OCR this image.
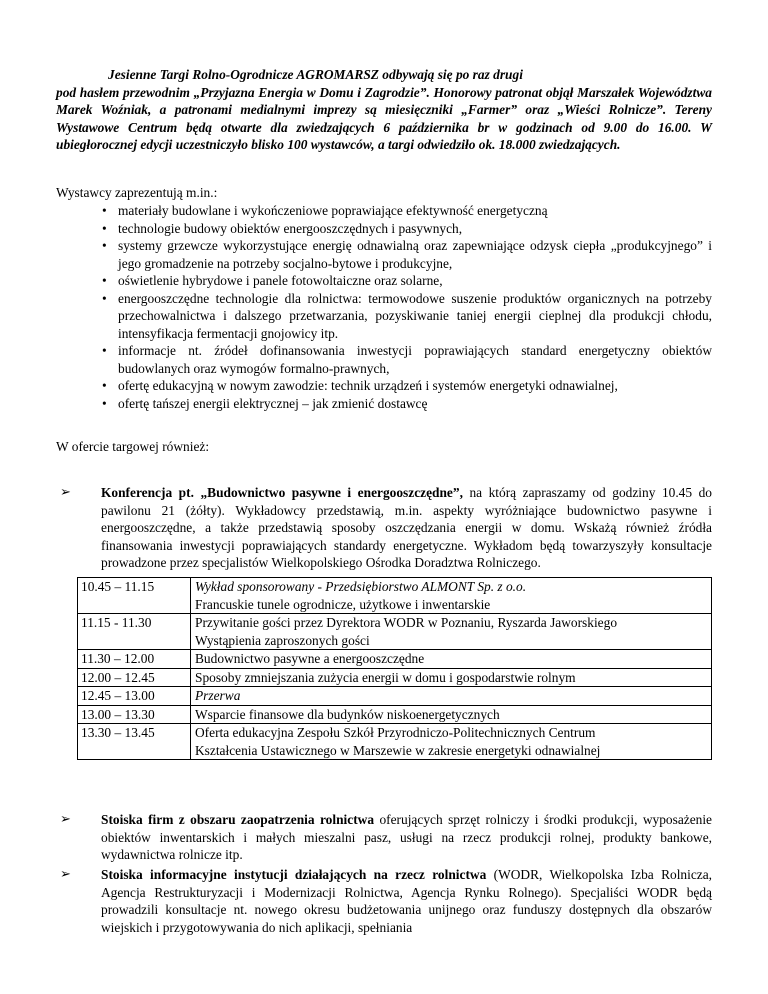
Jesienne Targi Rolno-Ogrodnicze AGROMARSZ odbywają się po raz drugi
pod hasłem przewodnim „Przyjazna Energia w Domu i Zagrodzie”. Honorowy patronat objął Marszałek Województwa Marek Woźniak, a patronami medialnymi imprezy są miesięczniki „Farmer” oraz „Wieści Rolnicze”. Tereny Wystawowe Centrum będą otwarte dla zwiedzających 6 października br w godzinach od 9.00 do 16.00. W ubiegłorocznej edycji uczestniczyło blisko 100 wystawców, a targi odwiedziło ok. 18.000 zwiedzających.
Wystawcy zaprezentują m.in.:
• materiały budowlane i wykończeniowe poprawiające efektywność energetyczną
• technologie budowy obiektów energooszczędnych i pasywnych,
• systemy grzewcze wykorzystujące energię odnawialną oraz zapewniające odzysk ciepła „produkcyjnego” i jego gromadzenie na potrzeby socjalno-bytowe i produkcyjne,
• oświetlenie hybrydowe i panele fotowoltaiczne oraz solarne,
• energooszczędne technologie dla rolnictwa: termowodowe suszenie produktów organicznych na potrzeby przechowalnictwa i dalszego przetwarzania, pozyskiwanie taniej energii cieplnej dla produkcji chłodu, intensyfikacja fermentacji gnojowicy itp.
• informacje nt. źródeł dofinansowania inwestycji poprawiających standard energetyczny obiektów budowlanych oraz wymogów formalno-prawnych,
• ofertę edukacyjną w nowym zawodzie: technik urządzeń i systemów energetyki odnawialnej,
• ofertę tańszej energii elektrycznej – jak zmienić dostawcę
W ofercie targowej również:
➢ Konferencja pt. „Budownictwo pasywne i energooszczędne”, na którą zapraszamy od godziny 10.45 do pawilonu 21 (żółty). Wykładowcy przedstawią, m.in. aspekty wyróżniające budownictwo pasywne i energooszczędne, a także przedstawią sposoby oszczędzania energii w domu. Wskażą również źródła finansowania inwestycji poprawiających standardy energetyczne. Wykładom będą towarzyszyły konsultacje prowadzone przez specjalistów Wielkopolskiego Ośrodka Doradztwa Rolniczego.
10.45 – 11.15	Wykład sponsorowany - Przedsiębiorstwo ALMONT Sp. z o.o.
Francuskie tunele ogrodnicze, użytkowe i inwentarskie

11.15 - 11.30	Przywitanie gości przez Dyrektora WODR w Poznaniu, Ryszarda Jaworskiego
Wystąpienia zaproszonych gości

11.30 – 12.00	Budownictwo pasywne a energooszczędne

12.00 – 12.45	Sposoby zmniejszania zużycia energii w domu i gospodarstwie rolnym

12.45 – 13.00	Przerwa

13.00 – 13.30	Wsparcie finansowe dla budynków niskoenergetycznych

13.30 – 13.45	Oferta edukacyjna Zespołu Szkół Przyrodniczo-Politechnicznych Centrum
Kształcenia Ustawicznego w Marszewie w zakresie energetyki odnawialnej
➢ Stoiska firm z obszaru zaopatrzenia rolnictwa oferujących sprzęt rolniczy i środki produkcji, wyposażenie obiektów inwentarskich i małych mieszalni pasz, usługi na rzecz produkcji rolnej, produkty bankowe, wydawnictwa rolnicze itp.
➢ Stoiska informacyjne instytucji działających na rzecz rolnictwa (WODR, Wielkopolska Izba Rolnicza, Agencja Restrukturyzacji i Modernizacji Rolnictwa, Agencja Rynku Rolnego). Specjaliści WODR będą prowadzili konsultacje nt. nowego okresu budżetowania unijnego oraz funduszy dostępnych dla obszarów wiejskich i przygotowywania do nich aplikacji, spełniania
